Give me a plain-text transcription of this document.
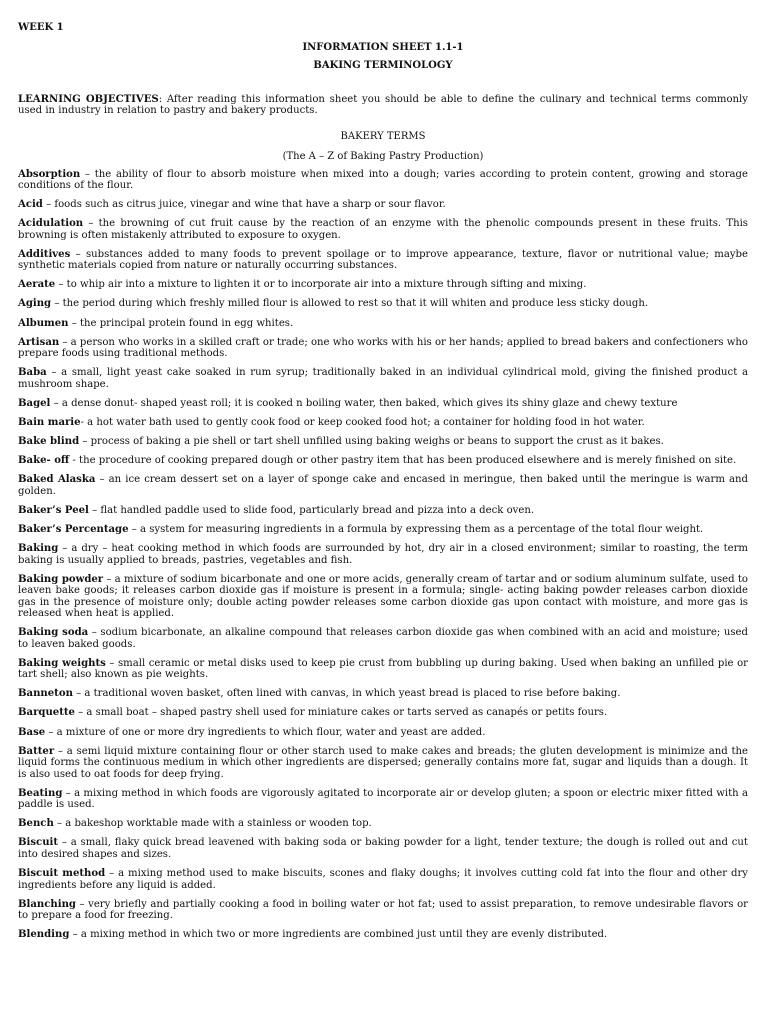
WEEK 1
INFORMATION SHEET 1.1-1
BAKING TERMINOLOGY
LEARNING OBJECTIVES: After reading this information sheet you should be able to define the culinary and technical terms commonly used in industry in relation to pastry and bakery products.
BAKERY TERMS
(The A – Z of Baking Pastry Production)
Absorption – the ability of flour to absorb moisture when mixed into a dough; varies according to protein content, growing and storage conditions of the flour.
Acid – foods such as citrus juice, vinegar and wine that have a sharp or sour flavor.
Acidulation – the browning of cut fruit cause by the reaction of an enzyme with the phenolic compounds present in these fruits. This browning is often mistakenly attributed to exposure to oxygen.
Additives – substances added to many foods to prevent spoilage or to improve appearance, texture, flavor or nutritional value; maybe synthetic materials copied from nature or naturally occurring substances.
Aerate – to whip air into a mixture to lighten it or to incorporate air into a mixture through sifting and mixing.
Aging – the period during which freshly milled flour is allowed to rest so that it will whiten and produce less sticky dough.
Albumen – the principal protein found in egg whites.
Artisan – a person who works in a skilled craft or trade; one who works with his or her hands; applied to bread bakers and confectioners who prepare foods using traditional methods.
Baba – a small, light yeast cake soaked in rum syrup; traditionally baked in an individual cylindrical mold, giving the finished product a mushroom shape.
Bagel – a dense donut- shaped yeast roll; it is cooked n boiling water, then baked, which gives its shiny glaze and chewy texture
Bain marie- a hot water bath used to gently cook food or keep cooked food hot; a container for holding food in hot water.
Bake blind – process of baking a pie shell or tart shell unfilled using baking weighs or beans to support the crust as it bakes.
Bake- off - the procedure of cooking prepared dough or other pastry item that has been produced elsewhere and is merely finished on site.
Baked Alaska – an ice cream dessert set on a layer of sponge cake and encased in meringue, then baked until the meringue is warm and golden.
Baker’s Peel – flat handled paddle used to slide food, particularly bread and pizza into a deck oven.
Baker’s Percentage – a system for measuring ingredients in a formula by expressing them as a percentage of the total flour weight.
Baking – a dry – heat cooking method in which foods are surrounded by hot, dry air in a closed environment; similar to roasting, the term baking is usually applied to breads, pastries, vegetables and fish.
Baking powder – a mixture of sodium bicarbonate and one or more acids, generally cream of tartar and or sodium aluminum sulfate, used to leaven bake goods; it releases carbon dioxide gas if moisture is present in a formula; single- acting baking powder releases carbon dioxide gas in the presence of moisture only; double acting powder releases some carbon dioxide gas upon contact with moisture, and more gas is released when heat is applied.
Baking soda – sodium bicarbonate, an alkaline compound that releases carbon dioxide gas when combined with an acid and moisture; used to leaven baked goods.
Baking weights – small ceramic or metal disks used to keep pie crust from bubbling up during baking. Used when baking an unfilled pie or tart shell; also known as pie weights.
Banneton – a traditional woven basket, often lined with canvas, in which yeast bread is placed to rise before baking.
Barquette – a small boat – shaped pastry shell used for miniature cakes or tarts served as canapés or petits fours.
Base – a mixture of one or more dry ingredients to which flour, water and yeast are added.
Batter – a semi liquid mixture containing flour or other starch used to make cakes and breads; the gluten development is minimize and the liquid forms the continuous medium in which other ingredients are dispersed; generally contains more fat, sugar and liquids than a dough. It is also used to oat foods for deep frying.
Beating – a mixing method in which foods are vigorously agitated to incorporate air or develop gluten; a spoon or electric mixer fitted with a paddle is used.
Bench – a bakeshop worktable made with a stainless or wooden top.
Biscuit – a small, flaky quick bread leavened with baking soda or baking powder for a light, tender texture; the dough is rolled out and cut into desired shapes and sizes.
Biscuit method – a mixing method used to make biscuits, scones and flaky doughs; it involves cutting cold fat into the flour and other dry ingredients before any liquid is added.
Blanching – very briefly and partially cooking a food in boiling water or hot fat; used to assist preparation, to remove undesirable flavors or to prepare a food for freezing.
Blending – a mixing method in which two or more ingredients are combined just until they are evenly distributed.
